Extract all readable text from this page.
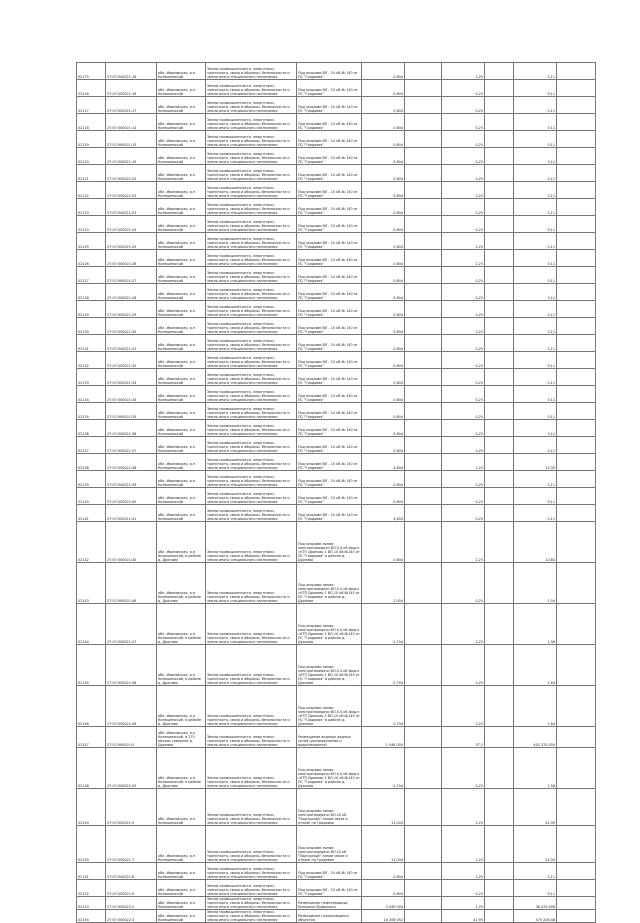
02175	27:07:000021:16	обл. Ивановская, р-н Кинешемский	Земли промышленности, энергетики, транспорта, связи и обороны, безопасности и земли иного специального назначения	Под опорами ВЛ - 10 кВ № 140 от ПС "Грядовая"	0,604		2,25		0,11	
02116	27:07:000021:18	обл. Ивановская, р-н Кинешемский	Земли промышленности, энергетики, транспорта, связи и обороны, безопасности и земли иного специального назначения	Под опорами ВЛ - 10 кВ № 140 от ПС "Грядовая"	0,604		0,25		0,11	
02117	27:07:000021:17	обл. Ивановская, р-н Кинешемский	Земли промышленности, энергетики, транспорта, связи и обороны, безопасности и земли иного специального назначения	Под опорами ВЛ - 10 кВ № 140 от ПС "Грядовая"	0,604		0,25		0,11	
02118	27:07:000021:14	обл. Ивановская, р-н Кинешемский	Земли промышленности, энергетики, транспорта, связи и обороны, безопасности и земли иного специального назначения	Под опорами ВЛ - 10 кВ № 140 от ПС "Грядовая"	0,604		0,25		0,11	
02119	27:07:000021:13	обл. Ивановская, р-н Кинешемский	Земли промышленности, энергетики, транспорта, связи и обороны, безопасности и земли иного специального назначения	Под опорами ВЛ - 10 кВ № 140 от ПС "Грядовая"	0,604		0,25		0,11	
02120	27:07:000021:19	обл. Ивановская, р-н Кинешемский	Земли промышленности, энергетики, транспорта, связи и обороны, безопасности и земли иного специального назначения	Под опорами ВЛ - 10 кВ № 140 от ПС "Грядовая"	0,604		0,25		0,11	
02121	27:07:000021:20	обл. Ивановская, р-н Кинешемский	Земли промышленности, энергетики, транспорта, связи и обороны, безопасности и земли иного специального назначения	Под опорами ВЛ - 10 кВ № 140 от ПС "Грядовая"	0,604		0,25		0,11	
02122	27:07:000021:22	обл. Ивановская, р-н Кинешемский	Земли промышленности, энергетики, транспорта, связи и обороны, безопасности и земли иного специального назначения	Под опорами ВЛ - 10 кВ № 140 от ПС "Грядовая"	0,604		0,25		0,11	
02123	27:07:000021:23	обл. Ивановская, р-н Кинешемский	Земли промышленности, энергетики, транспорта, связи и обороны, безопасности и земли иного специального назначения	Под опорами ВЛ - 10 кВ № 140 от ПС "Грядовая"	0,604		0,25		0,11	
02124	27:07:000021:24	обл. Ивановская, р-н Кинешемский	Земли промышленности, энергетики, транспорта, связи и обороны, безопасности и земли иного специального назначения	Под опорами ВЛ - 10 кВ № 140 от ПС "Грядовая"	0,604		0,25		0,11	
02125	27:07:000021:25	обл. Ивановская, р-н Кинешемский	Земли промышленности, энергетики, транспорта, связи и обороны, безопасности и земли иного специального назначения	Под опорами ВЛ - 10 кВ № 140 от ПС "Грядовая"	0,604		2,25		0,11	
02126	27:07:000021:26	обл. Ивановская, р-н Кинешемский	Земли промышленности, энергетики, транспорта, связи и обороны, безопасности и земли иного специального назначения	Под опорами ВЛ - 10 кВ № 140 от ПС "Грядовая"	0,604		2,25		0,11	
02127	27:07:000021:27	обл. Ивановская, р-н Кинешемский	Земли промышленности, энергетики, транспорта, связи и обороны, безопасности и земли иного специального назначения	Под опорами ВЛ - 10 кВ № 140 от ПС "Грядовая"	0,604		0,25		0,11	
02128	27:07:000021:28	обл. Ивановская, р-н Кинешемский	Земли промышленности, энергетики, транспорта, связи и обороны, безопасности и земли иного специального назначения	Под опорами ВЛ - 10 кВ № 140 от ПС "Грядовая"	0,604		0,25		0,11	
02129	27:07:000021:29	обл. Ивановская, р-н Кинешемский	Земли промышленности, энергетики, транспорта, связи и обороны, безопасности и земли иного специального назначения	Под опорами ВЛ - 10 кВ № 140 от ПС "Грядовая"	0,604		0,25		0,11	
02130	27:07:000021:30	обл. Ивановская, р-н Кинешемский	Земли промышленности, энергетики, транспорта, связи и обороны, безопасности и земли иного специального назначения	Под опорами ВЛ - 10 кВ № 140 от ПС "Грядовая"	0,604		0,25		0,11	
02131	27:07:000021:31	обл. Ивановская, р-н Кинешемский	Земли промышленности, энергетики, транспорта, связи и обороны, безопасности и земли иного специального назначения	Под опорами ВЛ - 10 кВ № 140 от ПС "Грядовая"	0,604		0,25		0,11	
02132	27:07:000021:32	обл. Ивановская, р-н Кинешемский	Земли промышленности, энергетики, транспорта, связи и обороны, безопасности и земли иного специального назначения	Под опорами ВЛ - 10 кВ № 140 от ПС "Грядовая"	0,604		0,25		0,11	
02133	27:07:000021:33	обл. Ивановская, р-н Кинешемский	Земли промышленности, энергетики, транспорта, связи и обороны, безопасности и земли иного специального назначения	Под опорами ВЛ - 10 кВ № 140 от ПС "Грядовая"	0,604		0,25		0,11	
02134	27:07:000021:34	обл. Ивановская, р-н Кинешемский	Земли промышленности, энергетики, транспорта, связи и обороны, безопасности и земли иного специального назначения	Под опорами ВЛ - 10 кВ № 140 от ПС "Грядовая"	0,604		0,25		0,11	
02135	27:07:000021:35	обл. Ивановская, р-н Кинешемский	Земли промышленности, энергетики, транспорта, связи и обороны, безопасности и земли иного специального назначения	Под опорами ВЛ - 10 кВ № 140 от ПС "Грядовая"	0,604		0,25		0,11	
02136	27:07:000021:36	обл. Ивановская, р-н Кинешемский	Земли промышленности, энергетики, транспорта, связи и обороны, безопасности и земли иного специального назначения	Под опорами ВЛ - 10 кВ № 140 от ПС "Грядовая"	0,604		0,25		0,11	
02137	27:07:000021:37	обл. Ивановская, р-н Кинешемский	Земли промышленности, энергетики, транспорта, связи и обороны, безопасности и земли иного специального назначения	Под опорами ВЛ - 10 кВ № 140 от ПС "Грядовая"	0,604		0,25		0,11	
02138	27:07:000021:38	обл. Ивановская, р-н Кинешемский	Земли промышленности, энергетики, транспорта, связи и обороны, безопасности и земли иного специального назначения	Под опорами ВЛ - 10 кВ № 140 от ПС "Грядовая"	4,604		2,25		15,35	
02139	27:07:000021:39	обл. Ивановская, р-н Кинешемский	Земли промышленности, энергетики, транспорта, связи и обороны, безопасности и земли иного специального назначения	Под опорами ВЛ - 10 кВ № 140 от ПС "Грядовая"	0,604		0,25		0,11	
02140	27:07:000021:40	обл. Ивановская, р-н Кинешемский	Земли промышленности, энергетики, транспорта, связи и обороны, безопасности и земли иного специального назначения	Под опорами ВЛ - 10 кВ № 140 от ПС "Грядовая"	0,604		0,25		0,11	
02141	27:07:000021:41	обл. Ивановская, р-н Кинешемский	Земли промышленности, энергетики, транспорта, связи и обороны, безопасности и земли иного специального назначения	Под опорами ВЛ - 10 кВ № 140 от ПС "Грядовая"	4,604		0,25		0,11	
02142	27:07:000021:45	обл. Ивановская, р-н Кинешемский, в районе д. Дроново	Земли промышленности, энергетики, транспорта, связи и обороны, безопасности и земли иного специального назначения	Под опорами линии электропередачи ВЛ-0,4 кВ фид.н «КТП Дроново 1 ВЛ-10 кВ №145 от ПС "Грядовая" в районе д. Дроново	0,604		2,25		10,84	
02143	27:07:000021:46	обл. Ивановская, р-н Кинешемский, в районе д. Дроново	Земли промышленности, энергетики, транспорта, связи и обороны, безопасности и земли иного специального назначения	Под опорами линии электропередачи ВЛ-0,4 кВ фид.н «КТП Дроново 1 ВЛ-10 кВ №145 от ПС "Грядовая" в районе д. Дроново	2,004		0,25		1,04	
02144	27:07:000021:47	обл. Ивановская, р-н Кинешемский, в районе д. Дроново	Земли промышленности, энергетики, транспорта, связи и обороны, безопасности и земли иного специального назначения	Под опорами линии электропередачи ВЛ-0,4 кВ фид.н «КТП Дроново 1 ВЛ-10 кВ №145 от ПС "Грядовая" в районе д. Дроново	0,704		2,25		1,36	
02145	27:07:000021:48	обл. Ивановская, р-н Кинешемский, в районе д. Дроново	Земли промышленности, энергетики, транспорта, связи и обороны, безопасности и земли иного специального назначения	Под опорами линии электропередачи ВЛ-0,4 кВ фид.н «КТП Дроново 1 ВЛ-10 кВ №145 от ПС "Грядовая" в районе д. Дроново	0,704		0,25		1,64	
02146	27:07:000021:49	обл. Ивановская, р-н Кинешемский, в районе д. Дроново	Земли промышленности, энергетики, транспорта, связи и обороны, безопасности и земли иного специального назначения	Под опорами линии электропередачи ВЛ-0,4 кВ фид.н «КТП Дроново 1 ВЛ-10 кВ №145 от ПС "Грядовая" в районе д. Дроново	0,704		0,25		1,64	
02147	27:07:000021:5	обл. Ивановская, р-н Кинешемский, в 270 метрах севернее д. Дроново	Земли промышленности, энергетики, транспорта, связи и обороны, безопасности и земли иного специального назначения	Размещение водопро-водных сетей (распределения и водоотведения)	1 046 000		37,5		402 375,000	
02148	27:07:000021:50	обл. Ивановская, р-н Кинешемский, в районе д. Дроново	Земли промышленности, энергетики, транспорта, связи и обороны, безопасности и земли иного специального назначения	Под опорами линии электропередачи ВЛ-0,4 кВ фид.н «КТП Дроново 1 ВЛ-10 кВ №145 от ПС "Грядовая" в районе д. Дроново	0,704		0,25		1,58	
02149	27:07:000021:5	обл. Ивановская, р-н Кинешемский	Земли промышленности, энергетики, транспорта, связи и обороны, безопасности и земли иного специального назначения	Под опорами линии электропередачи ВЛ-10 кВ "Подгорный" линии связи и отпаек на Грядовая	11,004		2,25		24,39	
02150	27:07:000021:7	обл. Ивановская, р-н Кинешемский	Земли промышленности, энергетики, транспорта, связи и обороны, безопасности и земли иного специального назначения	Под опорами линии электропередачи ВЛ-10 кВ "Подгорный" линии связи и отпаек на Грядовая	11,004		2,25		24,39	
02151	27:07:000021:8	обл. Ивановская, р-н Кинешемский	Земли промышленности, энергетики, транспорта, связи и обороны, безопасности и земли иного специального назначения	Под опорами ВЛ - 10 кВ № 140 от ПС "Грядовая"	0,604		2,25		0,11	
02152	27:07:000021:9	обл. Ивановская, р-н Кинешемский	Земли промышленности, энергетики, транспорта, связи и обороны, безопасности и земли иного специального назначения	Под опорами ВЛ - 10 кВ № 140 от ПС "Грядовая"	0,604		0,25		0,11	
02153	27:07:000022:1	обл. Ивановская, р-н Кинешемский	Земли промышленности, энергетики, транспорта, связи и обороны, безопасности и земли иного специального назначения	Размещение нефтепровода Кинешма-Приволжск	3 049 004		1,25		38 470,408	
02154	27:07:000022:3	обл. Ивановская, р-н Кинешемский	Земли промышленности, энергетики, транспорта, связи и обороны, безопасности и земли иного специального назначения	Размещение газопроводных объектов	10 206 052		41,95		475 208,48	
